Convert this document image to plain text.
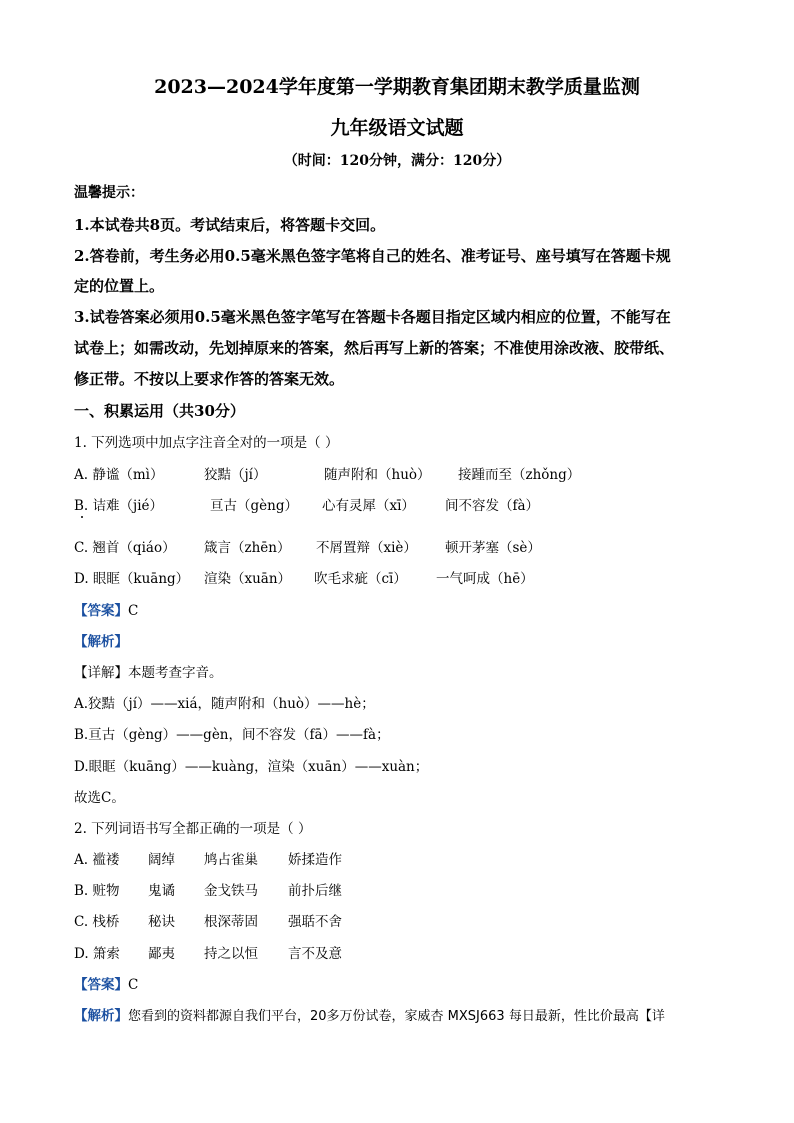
2023—2024学年度第一学期教育集团期末教学质量监测
九年级语文试题
（时间：120分钟，满分：120分）
温馨提示：
1.本试卷共8页。考试结束后，将答题卡交回。
2.答卷前，考生务必用0.5毫米黑色签字笔将自己的姓名、准考证号、座号填写在答题卡规
定的位置上。
3.试卷答案必须用0.5毫米黑色签字笔写在答题卡各题目指定区域内相应的位置，不能写在
试卷上；如需改动，先划掉原来的答案，然后再写上新的答案；不准使用涂改液、胶带纸、
修正带。不按以上要求作答的答案无效。
一、积累运用（共30分）
1. 下列选项中加点字注音全对的一项是（ ）
A. 静谧（mì）	狡黠（jí）	随声附和（huò） 接踵而至（zhǒng）
B. 诘难（jié）	亘古（gèng） 心有灵犀（xī） 间不容发（fà）
C. 翘首（qiáo） 箴言（zhēn） 不屑置辩（xiè） 顿开茅塞（sè）
D. 眼眶（kuāng） 渲染（xuān） 吹毛求疵（cī） 一气呵成（hē）
【答案】C
【解析】
【详解】本题考查字音。
A.狡黠（jí）——xiá，随声附和（huò）——hè；
B.亘古（gèng）——gèn，间不容发（fā）——fà；
D.眼眶（kuāng）——kuàng，渲染（xuān）——xuàn；
故选C。
2. 下列词语书写全都正确的一项是（ ）
A. 褴褛 阔绰 鸠占雀巢 娇揉造作
B. 赃物 鬼谲 金戈铁马 前扑后继
C. 栈桥 秘诀 根深蒂固 强聒不舍
D. 箫索 鄙夷 持之以恒 言不及意
【答案】C
【解析】您看到的资料都源自我们平台，20多万份试卷，家威杏 MXSJ663 每日最新，性比价最高【详
